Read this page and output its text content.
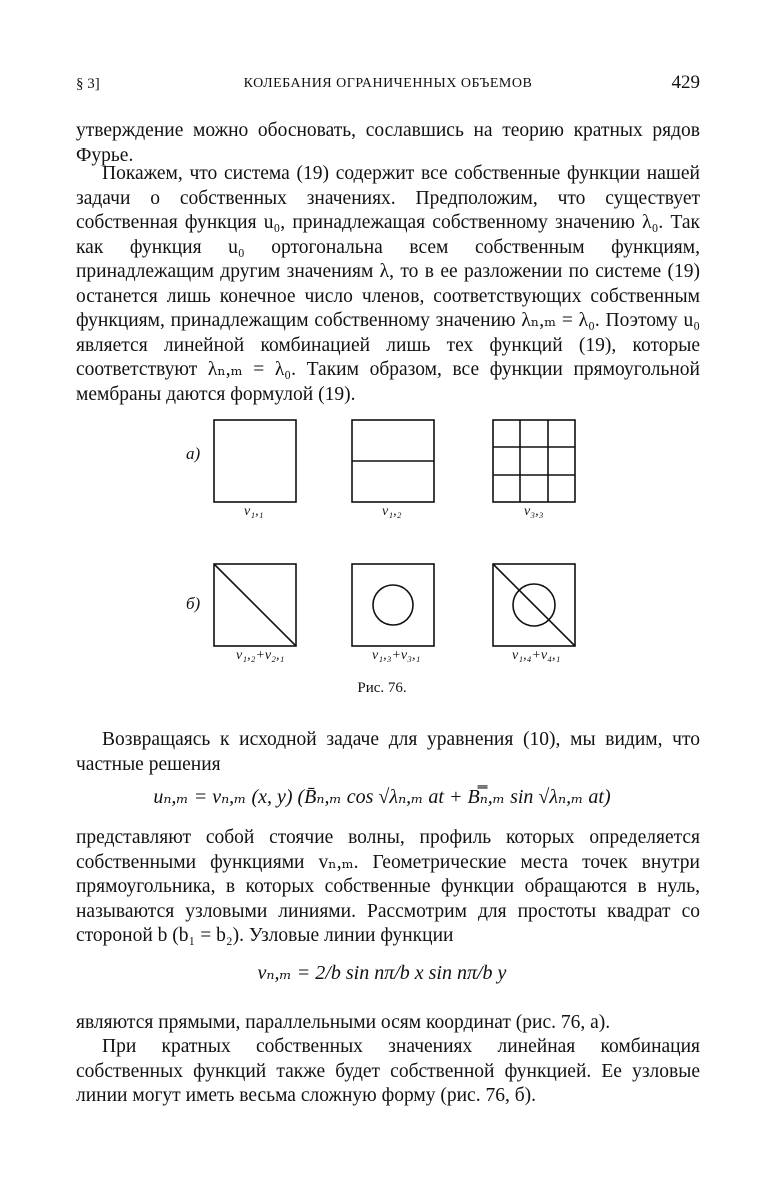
§ 3]	КОЛЕБАНИЯ ОГРАНИЧЕННЫХ ОБЪЕМОВ	429

утверждение можно обосновать, сославшись на теорию кратных рядов Фурье.

Покажем, что система (19) содержит все собственные функции нашей задачи о собственных значениях. Предположим, что существует собственная функция u₀, принадлежащая собственному значению λ₀. Так как функция u₀ ортогональна всем собственным функциям, принадлежащим другим значениям λ, то в ее разложении по системе (19) останется лишь конечное число членов, соответствующих собственным функциям, принадлежащим собственному значению λₙ,ₘ = λ₀. Поэтому u₀ является линейной комбинацией лишь тех функций (19), которые соответствуют λₙ,ₘ = λ₀. Таким образом, все функции прямоугольной мембраны даются формулой (19).

а)
б)
v₁,₁	v₁,₂	v₃,₃
v₁,₂+v₂,₁	v₁,₃+v₃,₁	v₁,₄+v₄,₁
Рис. 76.

Возвращаясь к исходной задаче для уравнения (10), мы видим, что частные решения

uₙ,ₘ = vₙ,ₘ (x, y) (B̄ₙ,ₘ cos √λₙ,ₘ at + B̿ₙ,ₘ sin √λₙ,ₘ at)

представляют собой стоячие волны, профиль которых определяется собственными функциями vₙ,ₘ. Геометрические места точек внутри прямоугольника, в которых собственные функции обращаются в нуль, называются узловыми линиями. Рассмотрим для простоты квадрат со стороной b (b₁ = b₂). Узловые линии функции

vₙ,ₘ = 2/b sin nπ/b x sin nπ/b y

являются прямыми, параллельными осям координат (рис. 76, а).

При кратных собственных значениях линейная комбинация собственных функций также будет собственной функцией. Ее узловые линии могут иметь весьма сложную форму (рис. 76, б).
